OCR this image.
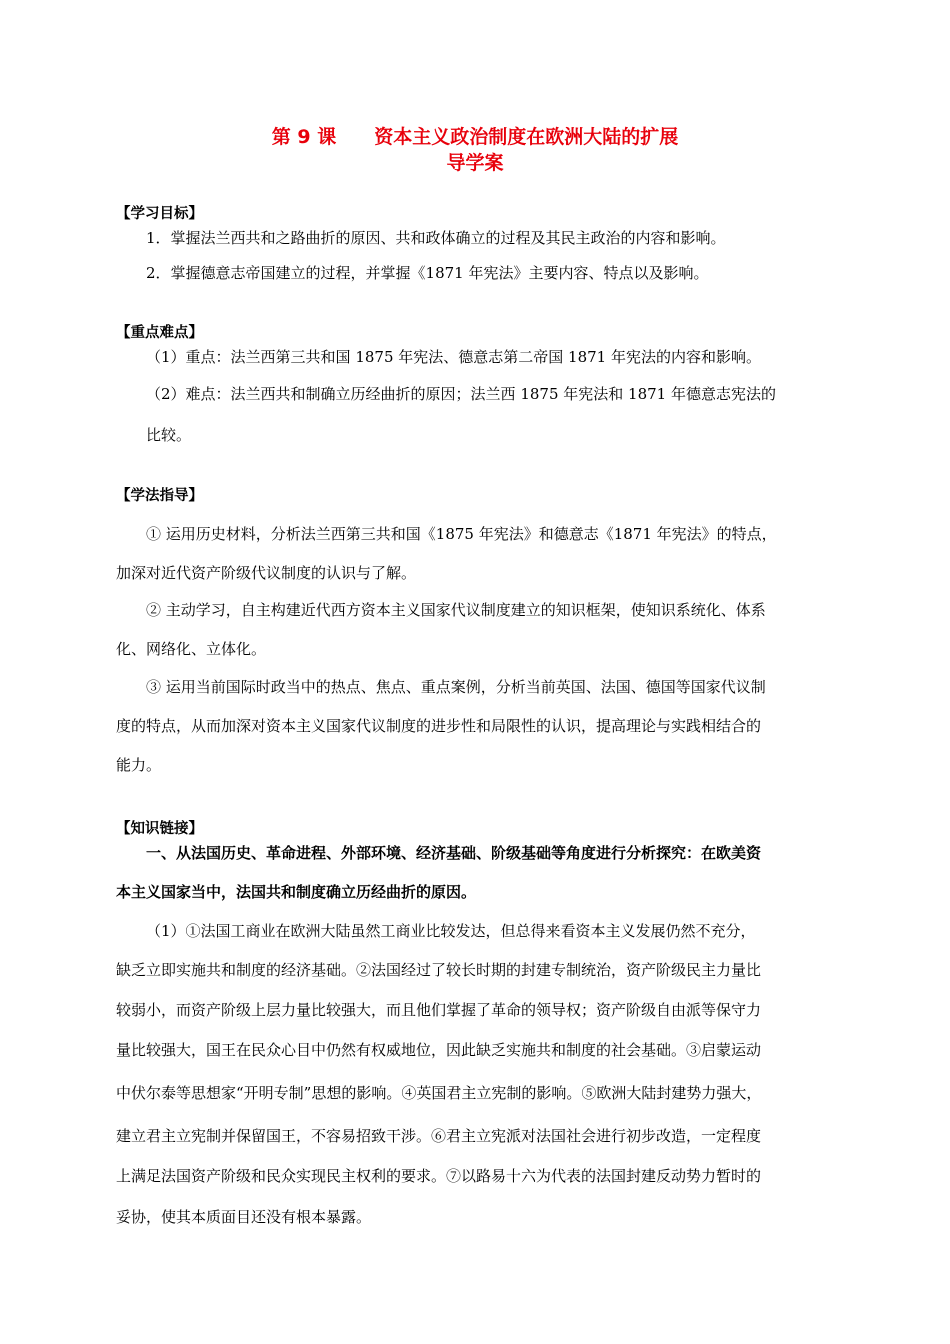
第 9 课　　资本主义政治制度在欧洲大陆的扩展
导学案
【学习目标】
1．掌握法兰西共和之路曲折的原因、共和政体确立的过程及其民主政治的内容和影响。
2．掌握德意志帝国建立的过程，并掌握《1871 年宪法》主要内容、特点以及影响。
【重点难点】
（1）重点：法兰西第三共和国 1875 年宪法、德意志第二帝国 1871 年宪法的内容和影响。
（2）难点：法兰西共和制确立历经曲折的原因；法兰西 1875 年宪法和 1871 年德意志宪法的
比较。
【学法指导】
① 运用历史材料，分析法兰西第三共和国《1875 年宪法》和德意志《1871 年宪法》的特点，
加深对近代资产阶级代议制度的认识与了解。
② 主动学习，自主构建近代西方资本主义国家代议制度建立的知识框架，使知识系统化、体系
化、网络化、立体化。
③ 运用当前国际时政当中的热点、焦点、重点案例，分析当前英国、法国、德国等国家代议制
度的特点，从而加深对资本主义国家代议制度的进步性和局限性的认识，提高理论与实践相结合的
能力。
【知识链接】
一、从法国历史、革命进程、外部环境、经济基础、阶级基础等角度进行分析探究：在欧美资
本主义国家当中，法国共和制度确立历经曲折的原因。
（1）①法国工商业在欧洲大陆虽然工商业比较发达，但总得来看资本主义发展仍然不充分，
缺乏立即实施共和制度的经济基础。②法国经过了较长时期的封建专制统治，资产阶级民主力量比
较弱小，而资产阶级上层力量比较强大，而且他们掌握了革命的领导权；资产阶级自由派等保守力
量比较强大，国王在民众心目中仍然有权威地位，因此缺乏实施共和制度的社会基础。③启蒙运动
中伏尔泰等思想家“开明专制”思想的影响。④英国君主立宪制的影响。⑤欧洲大陆封建势力强大，
建立君主立宪制并保留国王，不容易招致干涉。⑥君主立宪派对法国社会进行初步改造，一定程度
上满足法国资产阶级和民众实现民主权利的要求。⑦以路易十六为代表的法国封建反动势力暂时的
妥协，使其本质面目还没有根本暴露。
